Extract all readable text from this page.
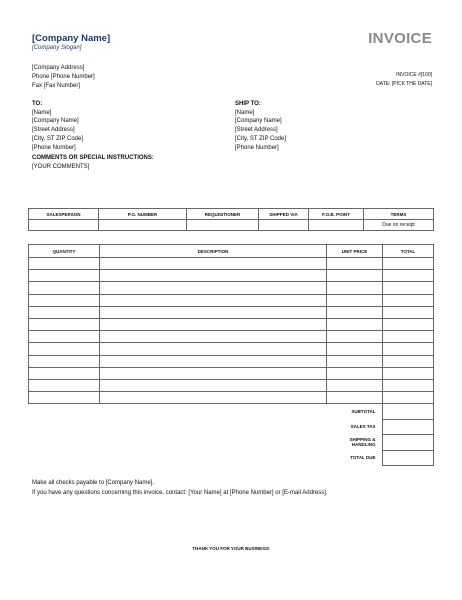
[Company Name]
[Company Slogan]
INVOICE
[Company Address]
Phone [Phone Number]
Fax [Fax Number]
INVOICE #[100]
DATE: [PICK THE DATE]
TO:
[Name]
[Company Name]
[Street Address]
[City, ST ZIP Code]
[Phone Number]
SHIP TO:
[Name]
[Company Name]
[Street Address]
[City, ST ZIP Code]
[Phone Number]
COMMENTS OR SPECIAL INSTRUCTIONS:
[YOUR COMMENTS]
SALESPERSON	P.O. NUMBER	REQUISITIONER	SHIPPED VIA	F.O.B. POINT	TERMS
					Due on receipt
QUANTITY	DESCRIPTION	UNIT PRICE	TOTAL

SUBTOTAL	
SALES TAX	
SHIPPING & HANDLING	
TOTAL DUE	
Make all checks payable to [Company Name].
If you have any questions concerning this invoice, contact: [Your Name] at [Phone Number] or [E-mail Address].
THANK YOU FOR YOUR BUSINESS!
